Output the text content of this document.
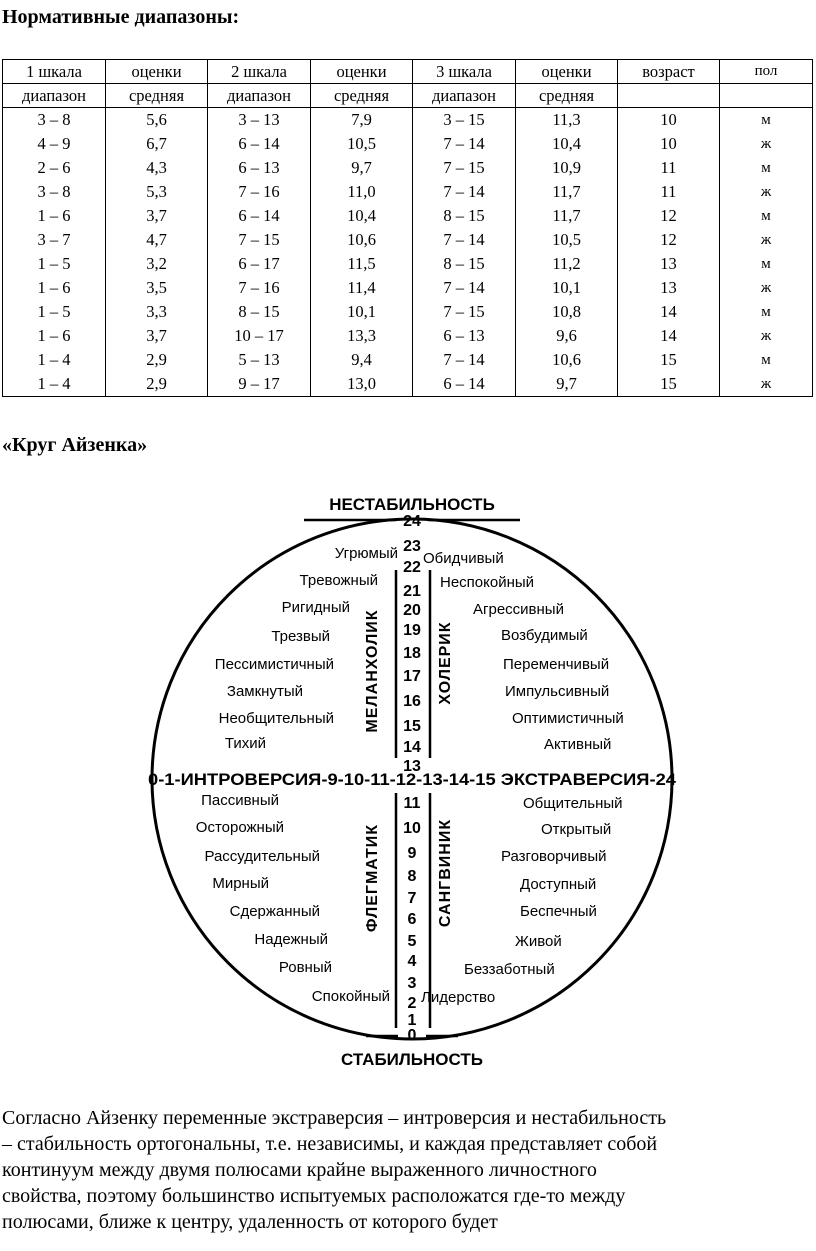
Нормативные диапазоны:
1 шкала	оценки	2 шкала	оценки	3 шкала	оценки	возраст	пол
диапазон	средняя	диапазон	средняя	диапазон	средняя		
3 – 8	5,6	3 – 13	7,9	3 – 15	11,3	10	м
4 – 9	6,7	6 – 14	10,5	7 – 14	10,4	10	ж
2 – 6	4,3	6 – 13	9,7	7 – 15	10,9	11	м
3 – 8	5,3	7 – 16	11,0	7 – 14	11,7	11	ж
1 – 6	3,7	6 – 14	10,4	8 – 15	11,7	12	м
3 – 7	4,7	7 – 15	10,6	7 – 14	10,5	12	ж
1 – 5	3,2	6 – 17	11,5	8 – 15	11,2	13	м
1 – 6	3,5	7 – 16	11,4	7 – 14	10,1	13	ж
1 – 5	3,3	8 – 15	10,1	7 – 15	10,8	14	м
1 – 6	3,7	10 – 17	13,3	6 – 13	9,6	14	ж
1 – 4	2,9	5 – 13	9,4	7 – 14	10,6	15	м
1 – 4	2,9	9 – 17	13,0	6 – 14	9,7	15	ж
«Круг Айзенка»
НЕСТАБИЛЬНОСТЬ
СТАБИЛЬНОСТЬ
0-1-ИНТРОВЕРСИЯ-9-10-11-12-13-14-15 ЭКСТРАВЕРСИЯ-24
24
23
22
21
20
19
18
17
16
15
14
13
11
10
9
8
7
6
5
4
3
2
1
0
МЕЛАНХОЛИК	ХОЛЕРИК
ФЛЕГМАТИК	САНГВИНИК
Угрюмый
Тревожный
Ригидный
Трезвый
Пессимистичный
Замкнутый
Необщительный
Тихий
Обидчивый
Неспокойный
Агрессивный
Возбудимый
Переменчивый
Импульсивный
Оптимистичный
Активный
Пассивный
Осторожный
Рассудительный
Мирный
Сдержанный
Надежный
Ровный
Спокойный
Общительный
Открытый
Разговорчивый
Доступный
Беспечный
Живой
Беззаботный
Лидерство
Согласно Айзенку переменные экстраверсия – интроверсия и нестабильность
– стабильность ортогональны, т.е. независимы, и каждая представляет собой
континуум между двумя полюсами крайне выраженного личностного
свойства, поэтому большинство испытуемых расположатся где-то между
полюсами, ближе к центру, удаленность от которого будет
